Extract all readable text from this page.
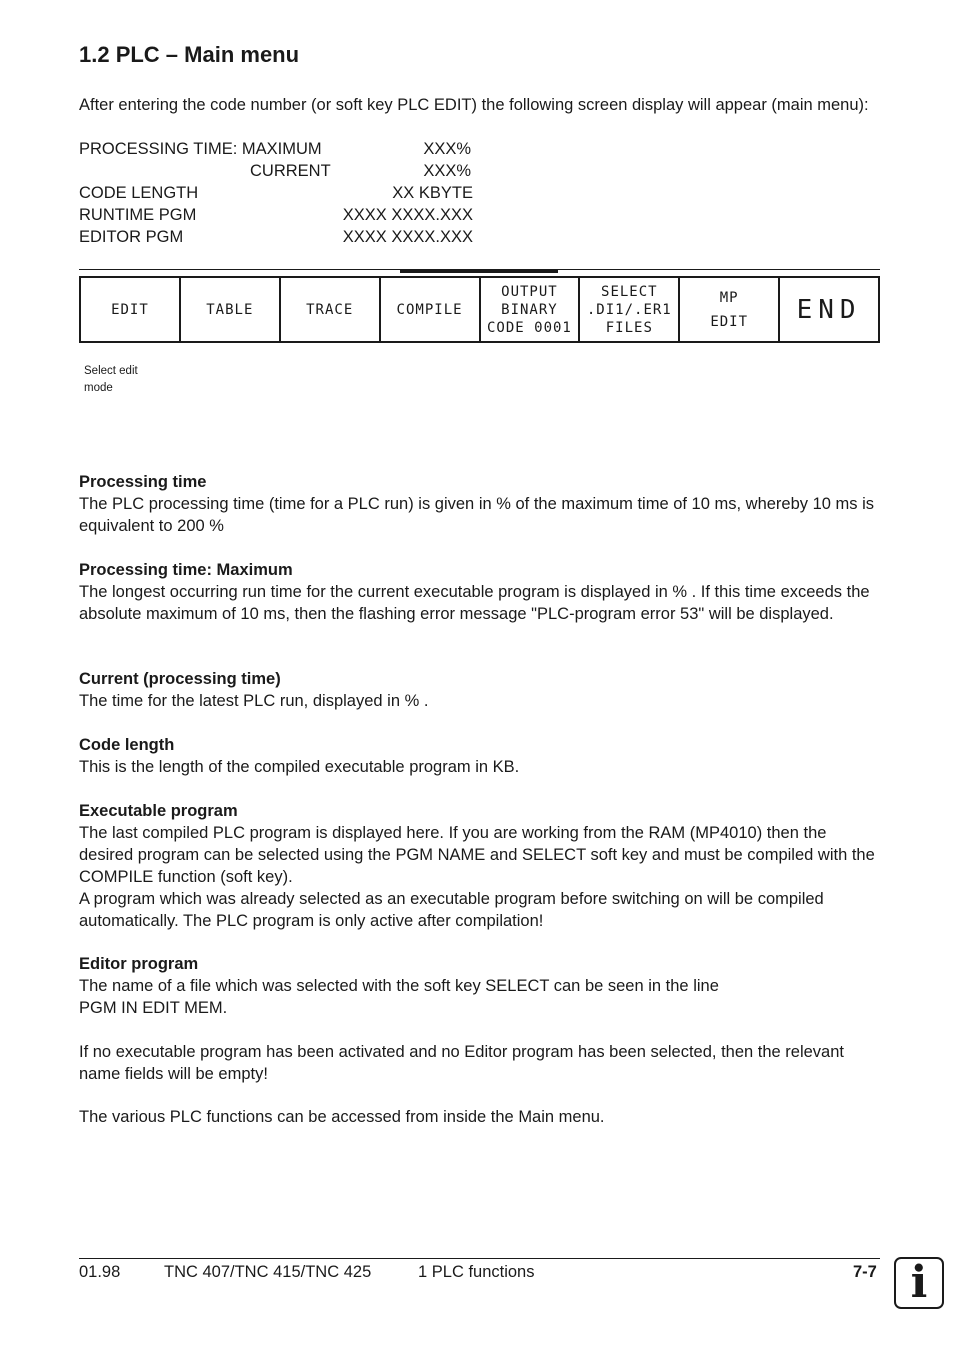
1.2 PLC – Main menu

After entering the code number (or soft key PLC EDIT) the following screen display will appear (main menu):

PROCESSING TIME: MAXIMUM	XXX%
CURRENT	XXX%
CODE LENGTH	XX KBYTE
RUNTIME PGM	XXXX XXXX.XXX
EDITOR PGM	XXXX XXXX.XXX
EDIT	TABLE	TRACE	COMPILE
OUTPUT
BINARY
CODE 0001
SELECT
.DI1/.ER1
FILES
MP
EDIT END
Select edit
mode
Processing time

The PLC processing time (time for a PLC run) is given in % of the maximum time of 10 ms, whereby 10 ms is equivalent to 200 %

Processing time: Maximum

The longest occurring run time for the current executable program is displayed in % . If this time exceeds the absolute maximum of 10 ms, then the flashing error message "PLC-program error 53" will be displayed.

Current (processing time)

The time for the latest PLC run, displayed in % .

Code length

This is the length of the compiled executable program in KB.

Executable program

The last compiled PLC program is displayed here. If you are working from the RAM (MP4010) then the desired program can be selected using the PGM NAME and SELECT soft key and must be compiled with the COMPILE function (soft key).

A program which was already selected as an executable program before switching on will be compiled automatically. The PLC program is only active after compilation!

Editor program

The name of a file which was selected with the soft key SELECT can be seen in the line

PGM IN EDIT MEM.

If no executable program has been activated and no Editor program has been selected, then the relevant name fields will be empty!

The various PLC functions can be accessed from inside the Main menu.

01.98	TNC 407/TNC 415/TNC 425	1 PLC functions	7-7 i
